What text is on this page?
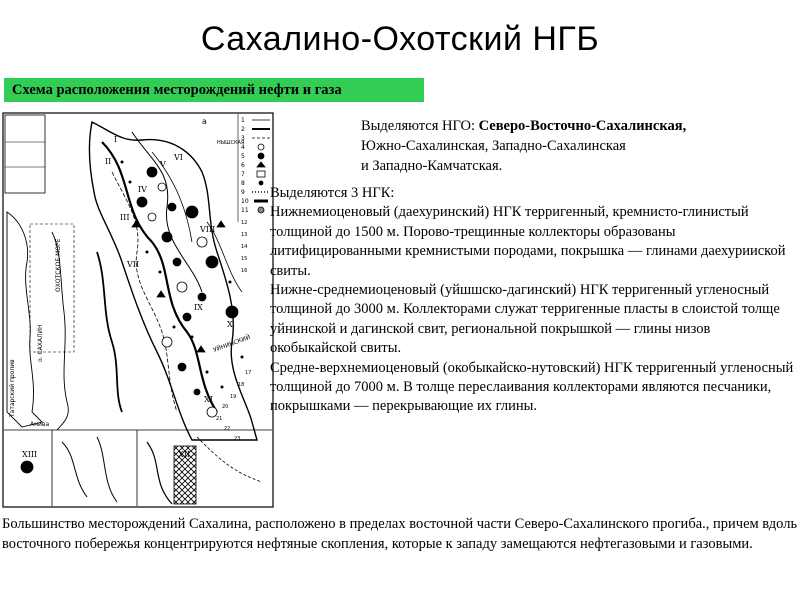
Сахалино-Охотский НГБ
Схема расположения месторождений нефти и газа
1
2
3
4
5
6
7
8
9
10
11
ОХОТСКОЕ МОРЕ
Татарский пролив
о. САХАЛИН
Анива
УЙНИНСКИЙ
НЫШСКАЯ
a
I
II
III
IV
V
VI
VII
VIII
IX
X
XI
XII
XIII
12
13
14
15
16
17
18
19
20
21
22
23
Выделяются НГО: Северо-Восточно-Сахалинская,
Южно-Сахалинская, Западно-Сахалинская
и Западно-Камчатская.

Выделяются 3 НГК:

Нижнемиоценовый (даехуринский) НГК терригенный, кремнисто-глинистый толщиной до 1500 м. Порово-трещинные коллекторы образованы литифицированными кремнистыми породами, покрышка — глинами даехурииской свиты.

Нижне-среднемиоценовый (уйшшско-дагинский) НГК терригенный угленосный толщиной до 3000 м. Коллекторами служат терригенные пласты в слоистой толще уйнинской и дагинской свит, региональной покрышкой — глины низов окобыкайской свиты.

Средне-верхнемиоценовый (окобыкайско-нутовский) НГК терригенный угленосный толщиной до 7000 м. В толще переслаивания коллекторами являются песчаники, покрышками — перекрывающие их глины.

Большинство месторождений Сахалина, расположено в пределах восточной части Северо-Сахалинского прогиба., причем вдоль восточного побережья концентрируются нефтяные скопления, которые к западу замещаются нефтегазовыми и газовыми.
